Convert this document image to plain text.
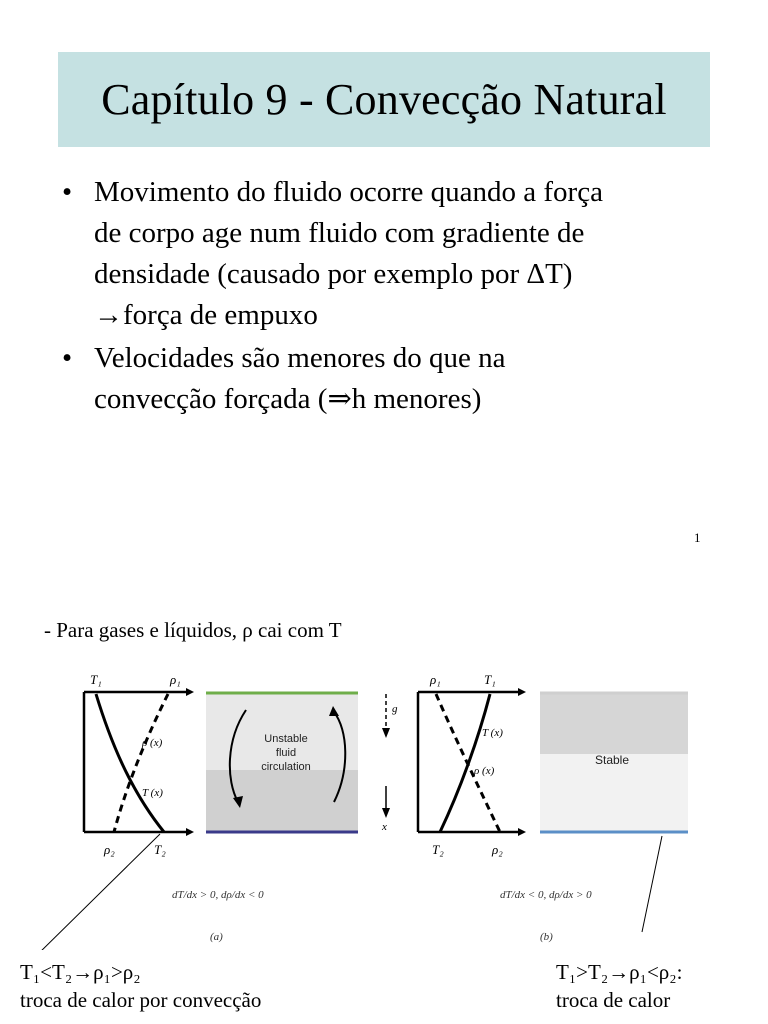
Capítulo 9 - Convecção Natural
• Movimento do fluido ocorre quando a força
de corpo age num fluido com gradiente de
densidade (causado por exemplo por ΔT)
→força de empuxo
• Velocidades são menores do que na
convecção forçada (⇒h menores)
1
- Para gases e líquidos, ρ cai com T
T₁	ρ₁
ρ₂	T₂
ρ (x)
T (x)
Unstable
fluid
circulation
x
g
ρ₁	T₁
T₂	ρ₂
T (x)
ρ (x)
Stable
dT/dx > 0, dρ/dx < 0
(a)
dT/dx < 0, dρ/dx > 0
(b)
T₁<T₂→ρ₁>ρ₂
troca de calor por convecção
T₁>T₂→ρ₁<ρ₂:
troca de calor
